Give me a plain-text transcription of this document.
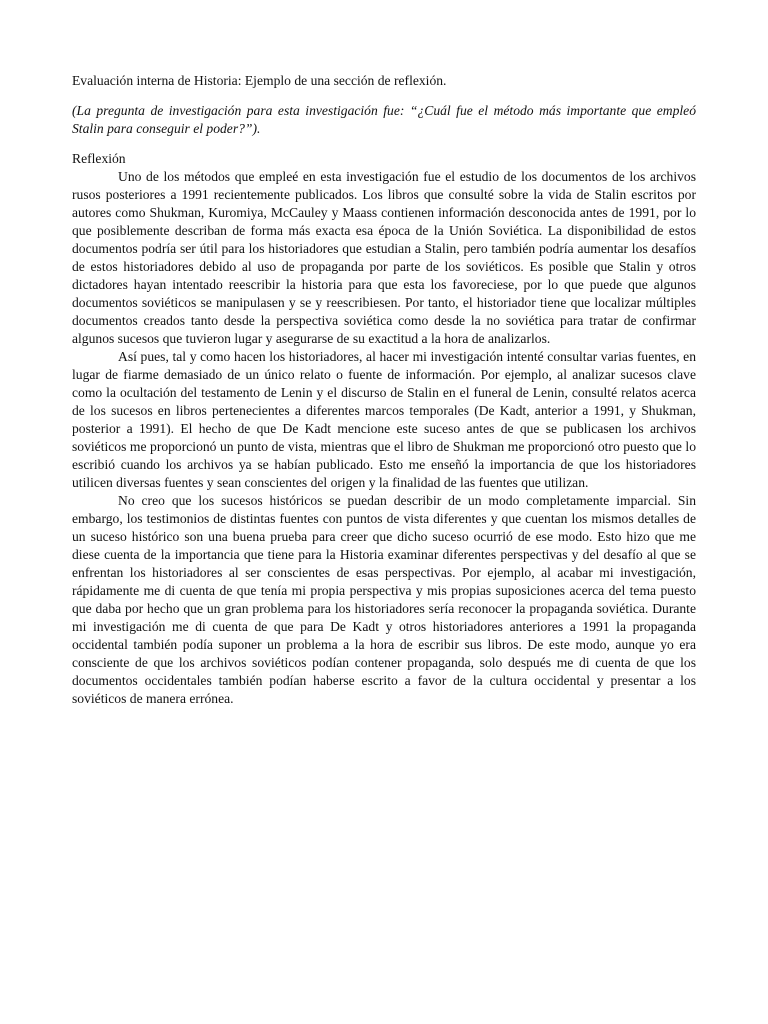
Evaluación interna de Historia: Ejemplo de una sección de reflexión.

(La pregunta de investigación para esta investigación fue: “¿Cuál fue el método más importante que empleó Stalin para conseguir el poder?”).

Reflexión

Uno de los métodos que empleé en esta investigación fue el estudio de los documentos de los archivos rusos posteriores a 1991 recientemente publicados. Los libros que consulté sobre la vida de Stalin escritos por autores como Shukman, Kuromiya, McCauley y Maass contienen información desconocida antes de 1991, por lo que posiblemente describan de forma más exacta esa época de la Unión Soviética. La disponibilidad de estos documentos podría ser útil para los historiadores que estudian a Stalin, pero también podría aumentar los desafíos de estos historiadores debido al uso de propaganda por parte de los soviéticos. Es posible que Stalin y otros dictadores hayan intentado reescribir la historia para que esta los favoreciese, por lo que puede que algunos documentos soviéticos se manipulasen y se y reescribiesen. Por tanto, el historiador tiene que localizar múltiples documentos creados tanto desde la perspectiva soviética como desde la no soviética para tratar de confirmar algunos sucesos que tuvieron lugar y asegurarse de su exactitud a la hora de analizarlos.

Así pues, tal y como hacen los historiadores, al hacer mi investigación intenté consultar varias fuentes, en lugar de fiarme demasiado de un único relato o fuente de información. Por ejemplo, al analizar sucesos clave como la ocultación del testamento de Lenin y el discurso de Stalin en el funeral de Lenin, consulté relatos acerca de los sucesos en libros pertenecientes a diferentes marcos temporales (De Kadt, anterior a 1991, y Shukman, posterior a 1991). El hecho de que De Kadt mencione este suceso antes de que se publicasen los archivos soviéticos me proporcionó un punto de vista, mientras que el libro de Shukman me proporcionó otro puesto que lo escribió cuando los archivos ya se habían publicado. Esto me enseñó la importancia de que los historiadores utilicen diversas fuentes y sean conscientes del origen y la finalidad de las fuentes que utilizan.

No creo que los sucesos históricos se puedan describir de un modo completamente imparcial. Sin embargo, los testimonios de distintas fuentes con puntos de vista diferentes y que cuentan los mismos detalles de un suceso histórico son una buena prueba para creer que dicho suceso ocurrió de ese modo. Esto hizo que me diese cuenta de la importancia que tiene para la Historia examinar diferentes perspectivas y del desafío al que se enfrentan los historiadores al ser conscientes de esas perspectivas. Por ejemplo, al acabar mi investigación, rápidamente me di cuenta de que tenía mi propia perspectiva y mis propias suposiciones acerca del tema puesto que daba por hecho que un gran problema para los historiadores sería reconocer la propaganda soviética. Durante mi investigación me di cuenta de que para De Kadt y otros historiadores anteriores a 1991 la propaganda occidental también podía suponer un problema a la hora de escribir sus libros. De este modo, aunque yo era consciente de que los archivos soviéticos podían contener propaganda, solo después me di cuenta de que los documentos occidentales también podían haberse escrito a favor de la cultura occidental y presentar a los soviéticos de manera errónea.
